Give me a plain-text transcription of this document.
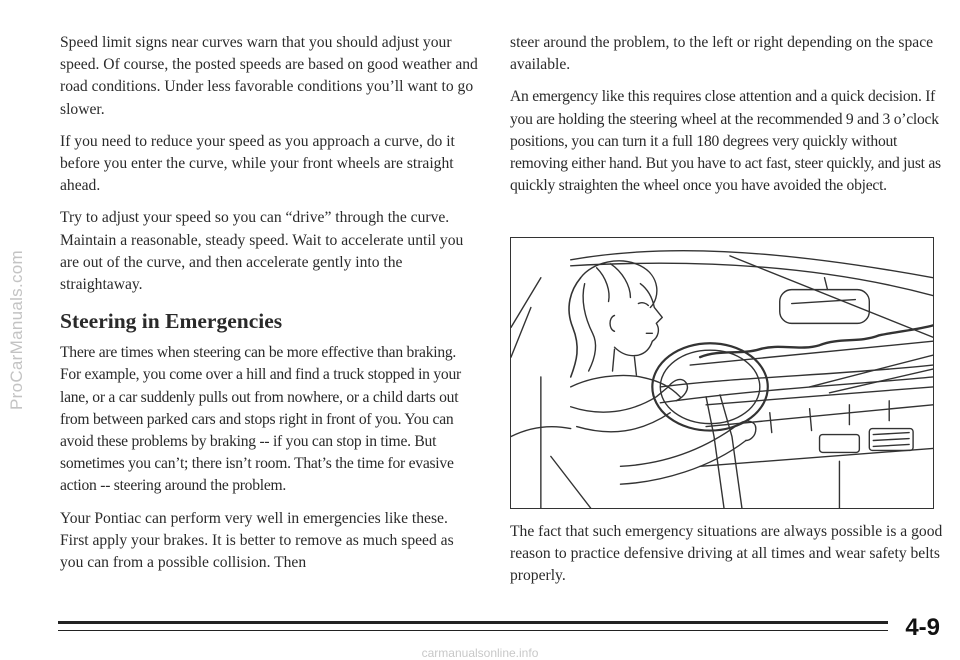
ProCarManuals.com

Speed limit signs near curves warn that you should adjust your speed. Of course, the posted speeds are based on good weather and road conditions. Under less favorable conditions you’ll want to go slower.

If you need to reduce your speed as you approach a curve, do it before you enter the curve, while your front wheels are straight ahead.

Try to adjust your speed so you can “drive” through the curve. Maintain a reasonable, steady speed. Wait to accelerate until you are out of the curve, and then accelerate gently into the straightaway.

Steering in Emergencies

There are times when steering can be more effective than braking. For example, you come over a hill and find a truck stopped in your lane, or a car suddenly pulls out from nowhere, or a child darts out from between parked cars and stops right in front of you. You can avoid these problems by braking -- if you can stop in time. But sometimes you can’t; there isn’t room. That’s the time for evasive action -- steering around the problem.

Your Pontiac can perform very well in emergencies like these. First apply your brakes. It is better to remove as much speed as you can from a possible collision. Then

steer around the problem, to the left or right depending on the space available.

An emergency like this requires close attention and a quick decision. If you are holding the steering wheel at the recommended 9 and 3 o’clock positions, you can turn it a full 180 degrees very quickly without removing either hand. But you have to act fast, steer quickly, and just as quickly straighten the wheel once you have avoided the object.

The fact that such emergency situations are always possible is a good reason to practice defensive driving at all times and wear safety belts properly.

4-9
carmanualsonline.info
